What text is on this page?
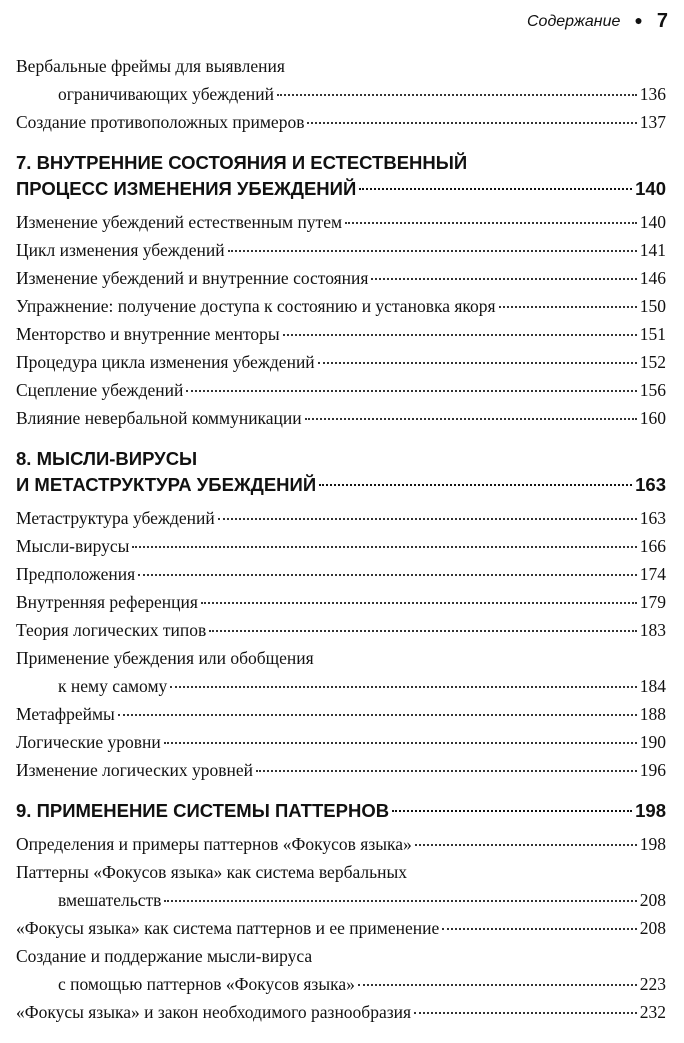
Содержание ● 7
Вербальные фреймы для выявления
ограничивающих убеждений	136
Создание противоположных примеров	137
7. ВНУТРЕННИЕ СОСТОЯНИЯ И ЕСТЕСТВЕННЫЙ
ПРОЦЕСС ИЗМЕНЕНИЯ УБЕЖДЕНИЙ	140
Изменение убеждений естественным путем	140
Цикл изменения убеждений	141
Изменение убеждений и внутренние состояния	146
Упражнение: получение доступа к состоянию и установка якоря	150
Менторство и внутренние менторы	151
Процедура цикла изменения убеждений	152
Сцепление убеждений	156
Влияние невербальной коммуникации	160
8. МЫСЛИ-ВИРУСЫ
И МЕТАСТРУКТУРА УБЕЖДЕНИЙ	163
Метаструктура убеждений	163
Мысли-вирусы	166
Предположения	174
Внутренняя референция	179
Теория логических типов	183
Применение убеждения или обобщения
к нему самому	184
Метафреймы	188
Логические уровни	190
Изменение логических уровней	196
9. ПРИМЕНЕНИЕ СИСТЕМЫ ПАТТЕРНОВ	198
Определения и примеры паттернов «Фокусов языка»	198
Паттерны «Фокусов языка» как система вербальных
вмешательств	208
«Фокусы языка» как система паттернов и ее применение	208
Создание и поддержание мысли-вируса
с помощью паттернов «Фокусов языка»	223
«Фокусы языка» и закон необходимого разнообразия	232
